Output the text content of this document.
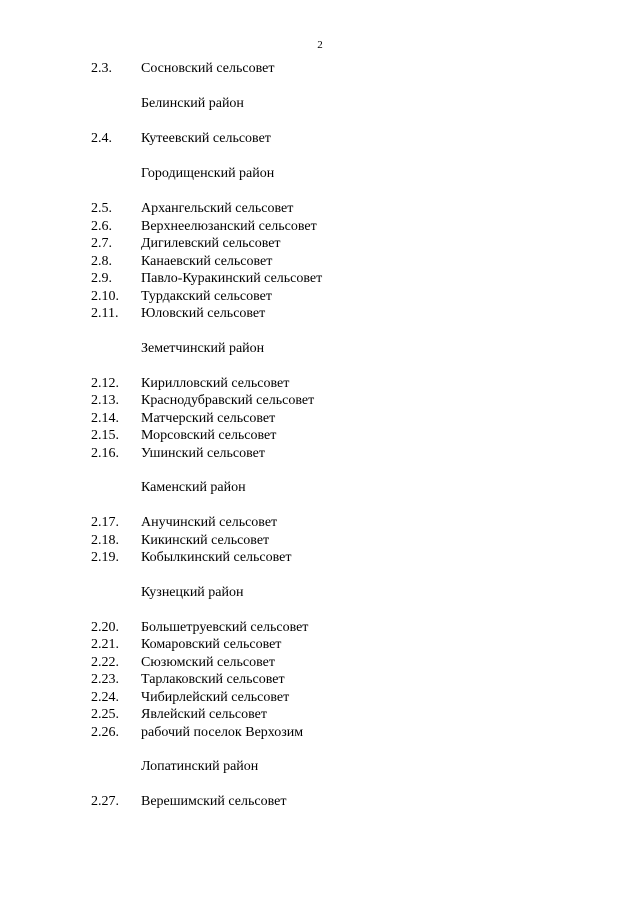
2
2.3.	Сосновский сельсовет
Белинский район
2.4.	Кутеевский сельсовет
Городищенский район
2.5.	Архангельский сельсовет
2.6.	Верхнеелюзанский сельсовет
2.7.	Дигилевский сельсовет
2.8.	Канаевский сельсовет
2.9.	Павло-Куракинский сельсовет
2.10.	Турдакский сельсовет
2.11.	Юловский сельсовет
Земетчинский район
2.12.	Кирилловский сельсовет
2.13.	Краснодубравский сельсовет
2.14.	Матчерский сельсовет
2.15.	Морсовский сельсовет
2.16.	Ушинский сельсовет
Каменский район
2.17.	Анучинский сельсовет
2.18.	Кикинский сельсовет
2.19.	Кобылкинский сельсовет
Кузнецкий район
2.20.	Большетруевский сельсовет
2.21.	Комаровский сельсовет
2.22.	Сюзюмский сельсовет
2.23.	Тарлаковский сельсовет
2.24.	Чибирлейский сельсовет
2.25.	Явлейский сельсовет
2.26.	рабочий поселок Верхозим
Лопатинский район
2.27.	Верешимский сельсовет
